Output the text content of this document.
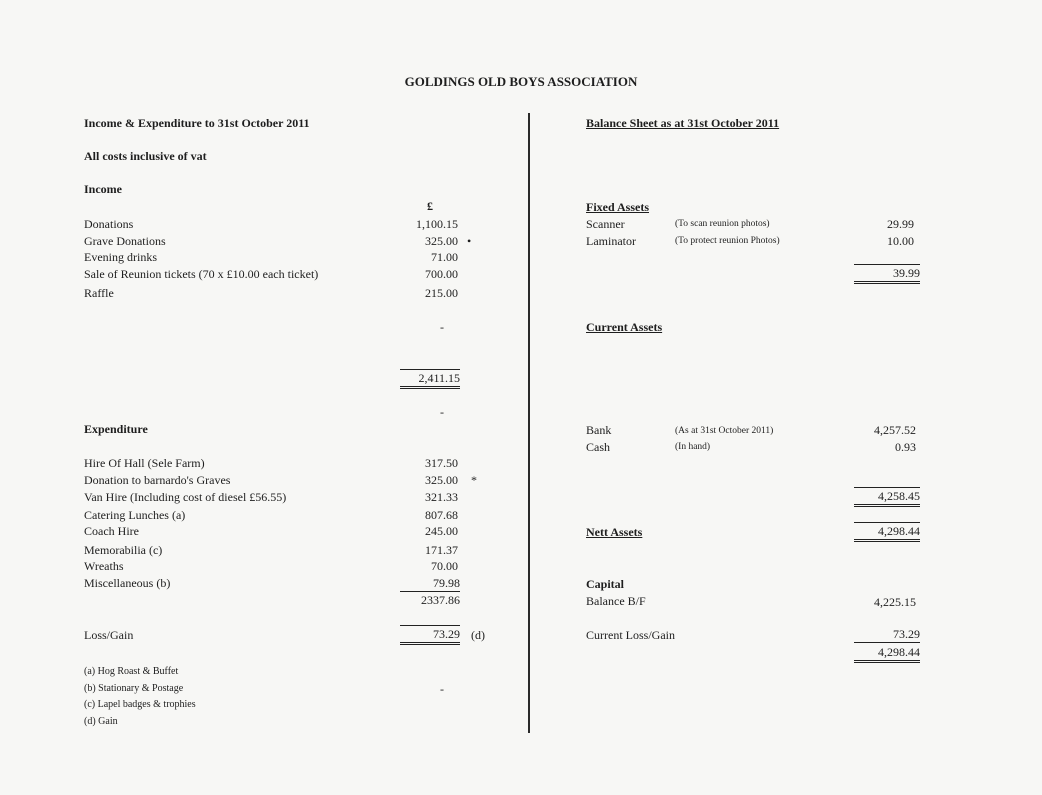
GOLDINGS OLD BOYS ASSOCIATION
Income & Expenditure to 31st October 2011
All costs inclusive of vat
Income
£
Donations	1,100.15
Grave Donations	325.00 •
Evening drinks	71.00
Sale of Reunion tickets (70 x £10.00 each ticket)	700.00
Raffle	215.00
-
2,411.15
-
Expenditure
Hire Of Hall (Sele Farm)	317.50
Donation to barnardo's Graves	325.00 *
Van Hire (Including cost of diesel £56.55)	321.33
Catering Lunches (a)	807.68
Coach Hire	245.00
Memorabilia (c)	171.37
Wreaths	70.00
Miscellaneous (b)	79.98
2337.86
Loss/Gain	73.29 (d)
(a) Hog Roast & Buffet
(b) Stationary & Postage
(c) Lapel badges & trophies
(d) Gain
-
Balance Sheet as at 31st October 2011
Fixed Assets
Scanner	(To scan reunion photos)	29.99
Laminator	(To protect reunion Photos)	10.00
39.99
Current Assets
Bank	(As at 31st October 2011)	4,257.52
Cash	(In hand)	0.93
4,258.45
Nett Assets	4,298.44
Capital
Balance B/F	4,225.15
Current Loss/Gain	73.29
4,298.44
